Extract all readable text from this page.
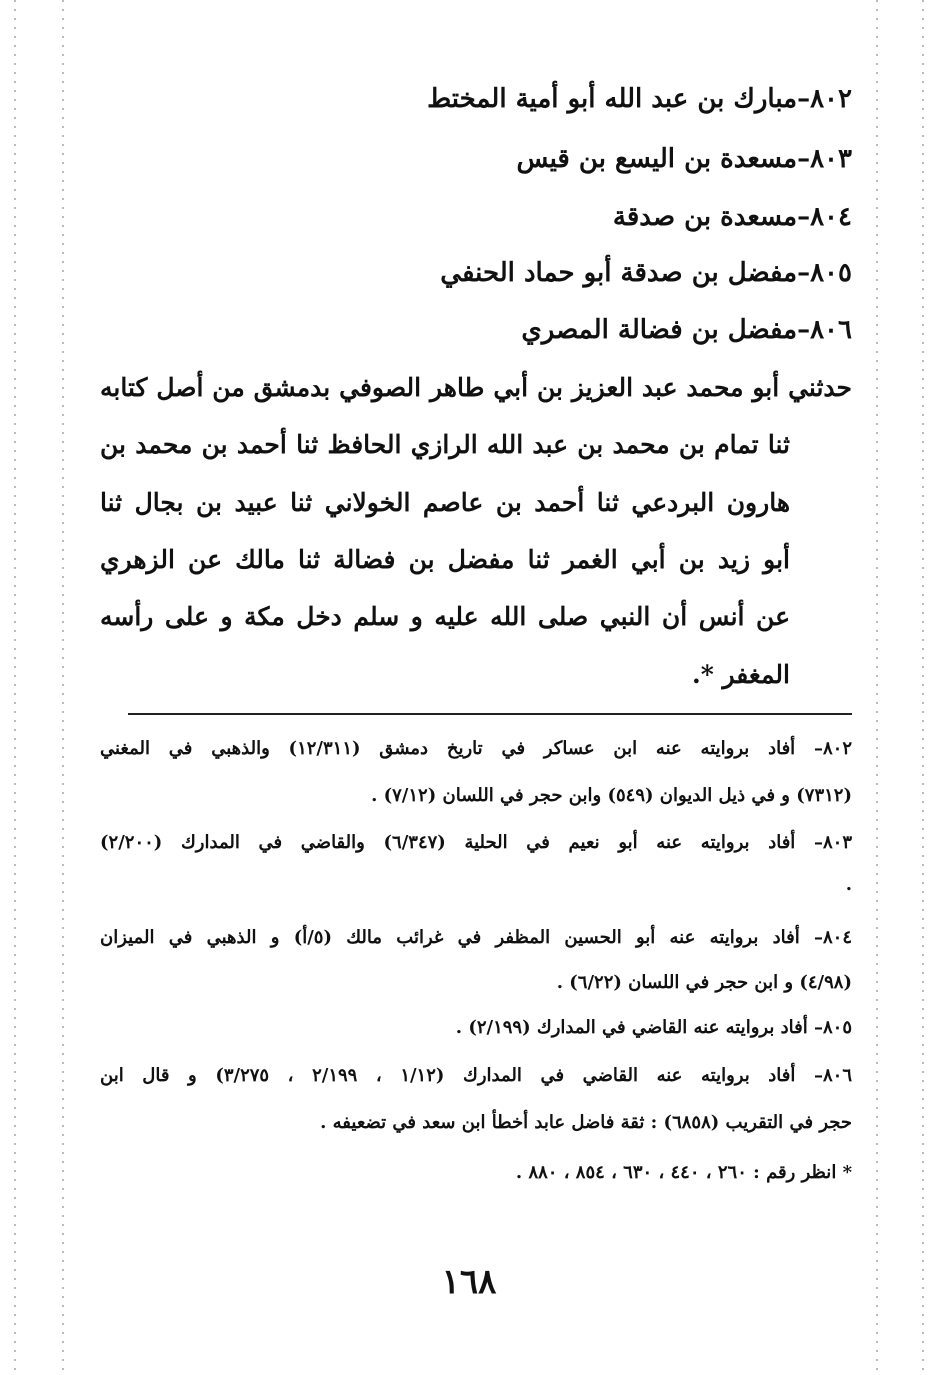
٨٠٢–مبارك بن عبد الله أبو أمية المختط
٨٠٣–مسعدة بن اليسع بن قيس
٨٠٤–مسعدة بن صدقة
٨٠٥–مفضل بن صدقة أبو حماد الحنفي
٨٠٦–مفضل بن فضالة المصري
حدثني أبو محمد عبد العزيز بن أبي طاهر الصوفي بدمشق من أصل كتابه
ثنا تمام بن محمد بن عبد الله الرازي الحافظ ثنا أحمد بن محمد بن
هارون البردعي ثنا أحمد بن عاصم الخولاني ثنا عبيد بن بجال ثنا
أبو زيد بن أبي الغمر ثنا مفضل بن فضالة ثنا مالك عن الزهري
عن أنس أن النبي صلى الله عليه و سلم دخل مكة و على رأسه
المغفر *.
٨٠٢– أفاد بروايته عنه ابن عساكر في تاريخ دمشق (١٢/٣١١) والذهبي في المغني
(٧٣١٢) و في ذيل الديوان (٥٤٩) وابن حجر في اللسان (٧/١٢) .
٨٠٣– أفاد بروايته عنه أبو نعيم في الحلية (٦/٣٤٧) والقاضي في المدارك (٢/٢٠٠)
.
٨٠٤– أفاد بروايته عنه أبو الحسين المظفر في غرائب مالك (٥/أ) و الذهبي في الميزان
(٤/٩٨) و ابن حجر في اللسان (٦/٢٢) .
٨٠٥– أفاد بروايته عنه القاضي في المدارك (٢/١٩٩) .
٨٠٦– أفاد بروايته عنه القاضي في المدارك (١/١٢ ، ٢/١٩٩ ، ٣/٢٧٥) و قال ابن
حجر في التقريب (٦٨٥٨) : ثقة فاضل عابد أخطأ ابن سعد في تضعيفه .
* انظر رقم : ٢٦٠ ، ٤٤٠ ، ٦٣٠ ، ٨٥٤ ، ٨٨٠ .
١٦٨
